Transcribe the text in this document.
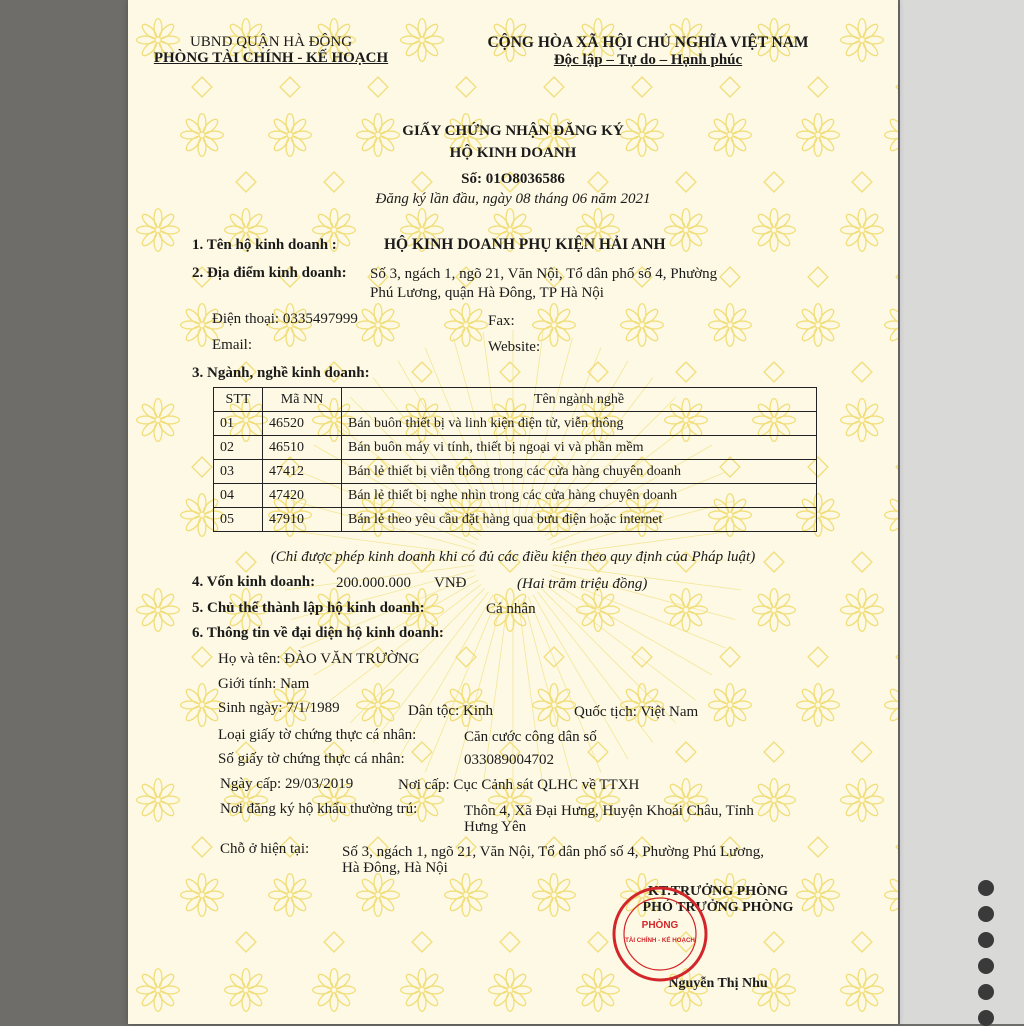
UBND QUẬN HÀ ĐÔNG
PHÒNG TÀI CHÍNH - KẾ HOẠCH
CỘNG HÒA XÃ HỘI CHỦ NGHĨA VIỆT NAM
Độc lập – Tự do – Hạnh phúc
GIẤY CHỨNG NHẬN ĐĂNG KÝ
HỘ KINH DOANH
Số: 01O8036586
Đăng ký lần đầu, ngày 08 tháng 06 năm 2021
1. Tên hộ kinh doanh :	HỘ KINH DOANH PHỤ KIỆN HẢI ANH
2. Địa điểm kinh doanh: Số 3, ngách 1, ngõ 21, Văn Nội, Tổ dân phố số 4, Phường
Phú Lương, quận Hà Đông, TP Hà Nội
Điện thoại: 0335497999	Fax:
Email:	Website:
3. Ngành, nghề kinh doanh:
STT	Mã NN	Tên ngành nghề
01	46520	Bán buôn thiết bị và linh kiện điện tử, viễn thông
02	46510	Bán buôn máy vi tính, thiết bị ngoại vi và phần mềm
03	47412	Bán lẻ thiết bị viễn thông trong các cửa hàng chuyên doanh
04	47420	Bán lẻ thiết bị nghe nhìn trong các cửa hàng chuyên doanh
05	47910	Bán lẻ theo yêu cầu đặt hàng qua bưu điện hoặc internet
(Chỉ được phép kinh doanh khi có đủ các điều kiện theo quy định của Pháp luật)
4. Vốn kinh doanh: 200.000.000 VNĐ	(Hai trăm triệu đồng)
5. Chủ thể thành lập hộ kinh doanh:	Cá nhân
6. Thông tin về đại diện hộ kinh doanh:
Họ và tên: ĐÀO VĂN TRƯỜNG
Giới tính: Nam
Sinh ngày: 7/1/1989	Dân tộc: Kinh	Quốc tịch: Việt Nam
Loại giấy tờ chứng thực cá nhân:	Căn cước công dân số
Số giấy tờ chứng thực cá nhân:	033089004702
Ngày cấp: 29/03/2019	Nơi cấp: Cục Cảnh sát QLHC về TTXH
Nơi đăng ký hộ khẩu thường trú:	Thôn 4, Xã Đại Hưng, Huyện Khoái Châu, Tỉnh
Hưng Yên
Chỗ ở hiện tại: Số 3, ngách 1, ngõ 21, Văn Nội, Tổ dân phố số 4, Phường Phú Lương,
Hà Đông, Hà Nội
KT.TRƯỞNG PHÒNG
PHÓ TRƯỞNG PHÒNG
Nguyễn Thị Nhu
PHÒNG
TÀI CHÍNH - KẾ HOẠCH
